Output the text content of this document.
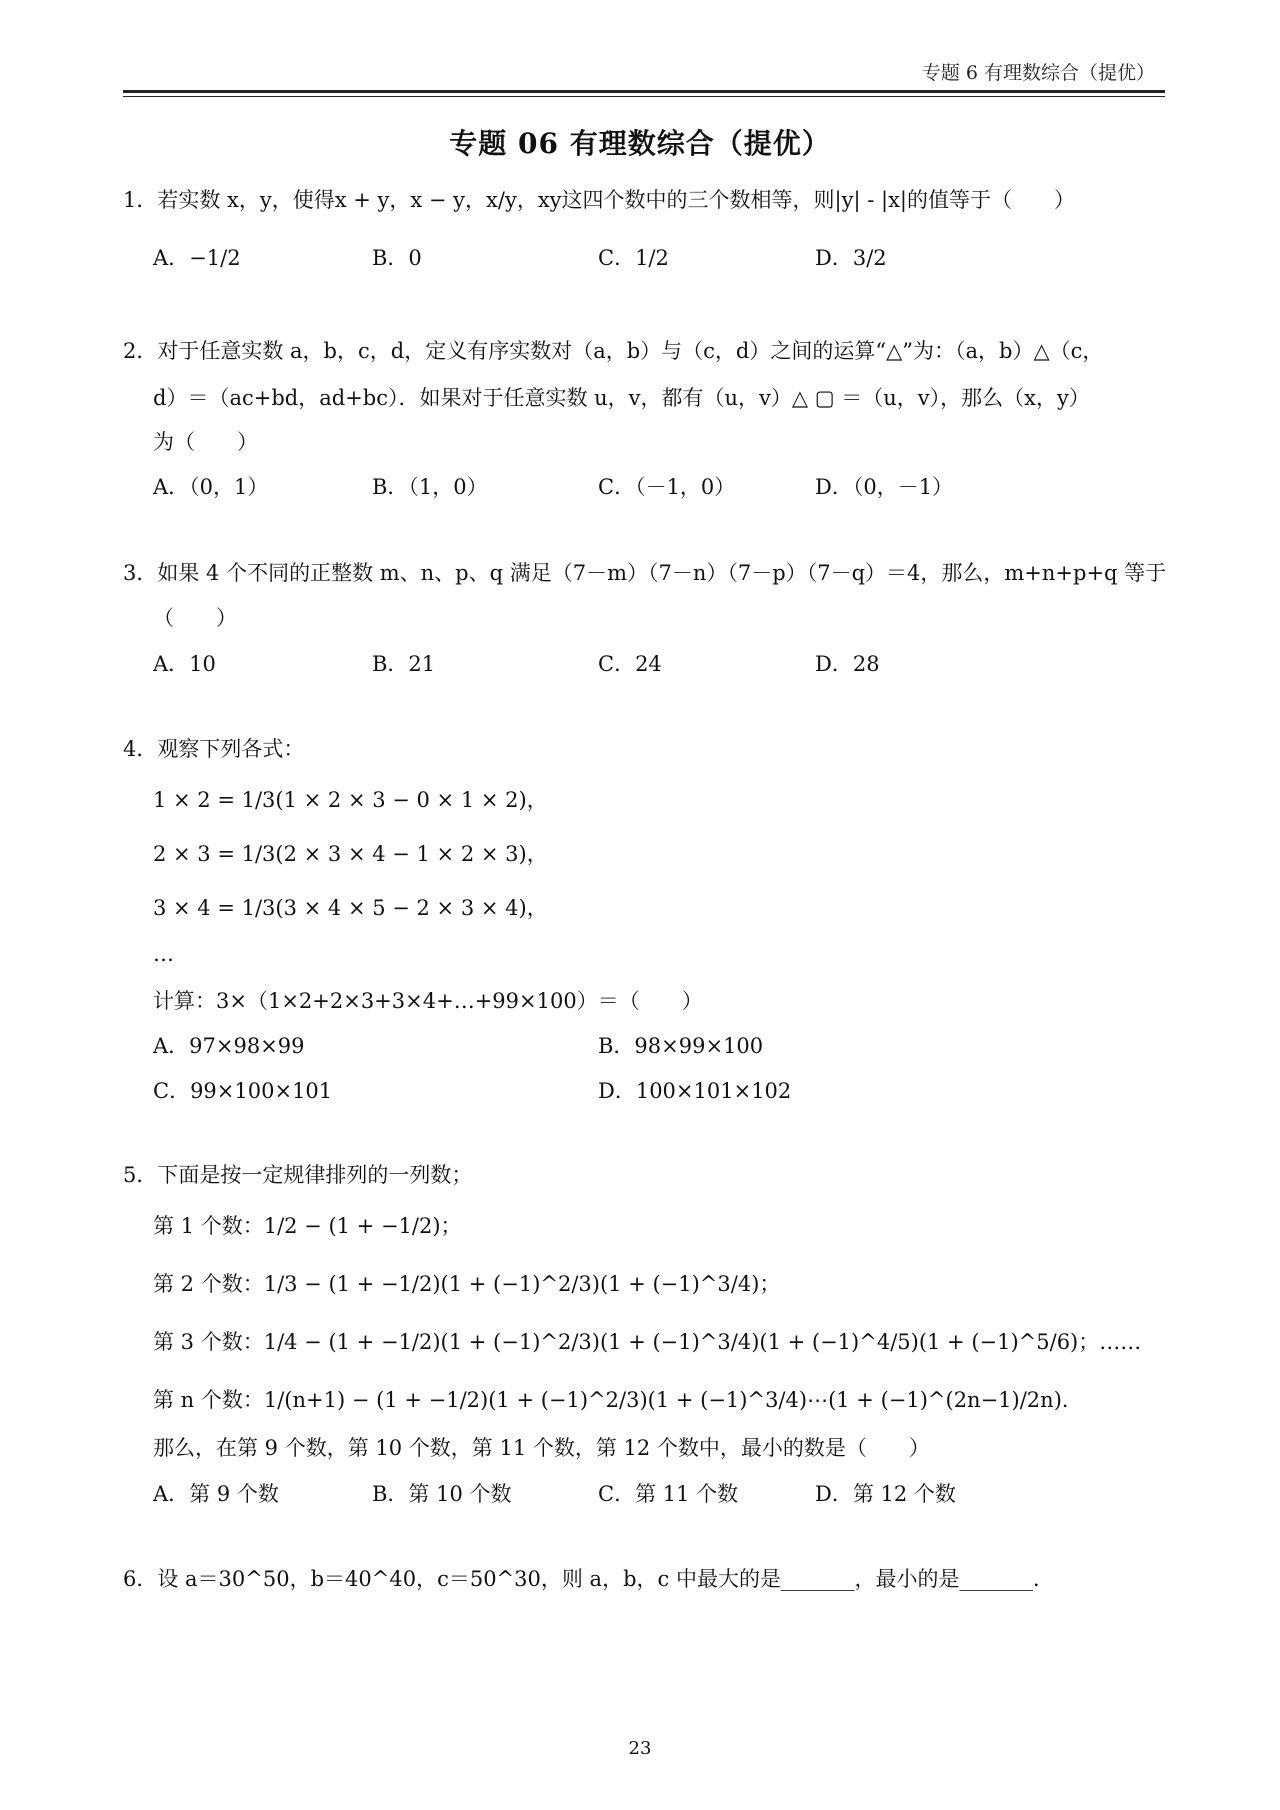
专题 6 有理数综合（提优）
专题 06 有理数综合（提优）
1．若实数 x，y，使得x + y，x − y，x/y，xy这四个数中的三个数相等，则|y| - |x|的值等于（　　）
A．−1/2	B．0	C．1/2	D．3/2
2．对于任意实数 a，b，c，d，定义有序实数对（a，b）与（c，d）之间的运算“△”为：（a，b）△（c，
d）＝（ac+bd，ad+bc）．如果对于任意实数 u，v，都有（u，v）△ ▢ ＝（u，v），那么（x，y）
为（　　）
A．（0，1）	B．（1，0）	C．（－1，0）	D．（0，－1）
3．如果 4 个不同的正整数 m、n、p、q 满足（7－m）（7－n）（7－p）（7－q）＝4，那么，m+n+p+q 等于
（　　）
A．10	B．21	C．24	D．28
4．观察下列各式：
1 × 2 = 1/3(1 × 2 × 3 − 0 × 1 × 2)，
2 × 3 = 1/3(2 × 3 × 4 − 1 × 2 × 3)，
3 × 4 = 1/3(3 × 4 × 5 − 2 × 3 × 4)，
…
计算：3×（1×2+2×3+3×4+…+99×100）＝（　　）
A．97×98×99	B．98×99×100
C．99×100×101	D．100×101×102
5．下面是按一定规律排列的一列数；
第 1 个数：1/2 − (1 + −1/2)；
第 2 个数：1/3 − (1 + −1/2)(1 + (−1)^2/3)(1 + (−1)^3/4)；
第 3 个数：1/4 − (1 + −1/2)(1 + (−1)^2/3)(1 + (−1)^3/4)(1 + (−1)^4/5)(1 + (−1)^5/6)；……
第 n 个数：1/(n+1) − (1 + −1/2)(1 + (−1)^2/3)(1 + (−1)^3/4)⋯(1 + (−1)^(2n−1)/2n)．
那么，在第 9 个数，第 10 个数，第 11 个数，第 12 个数中，最小的数是（　　）
A．第 9 个数	B．第 10 个数	C．第 11 个数	D．第 12 个数
6．设 a＝30^50，b＝40^40，c＝50^30，则 a，b，c 中最大的是_______，最小的是_______．
23
